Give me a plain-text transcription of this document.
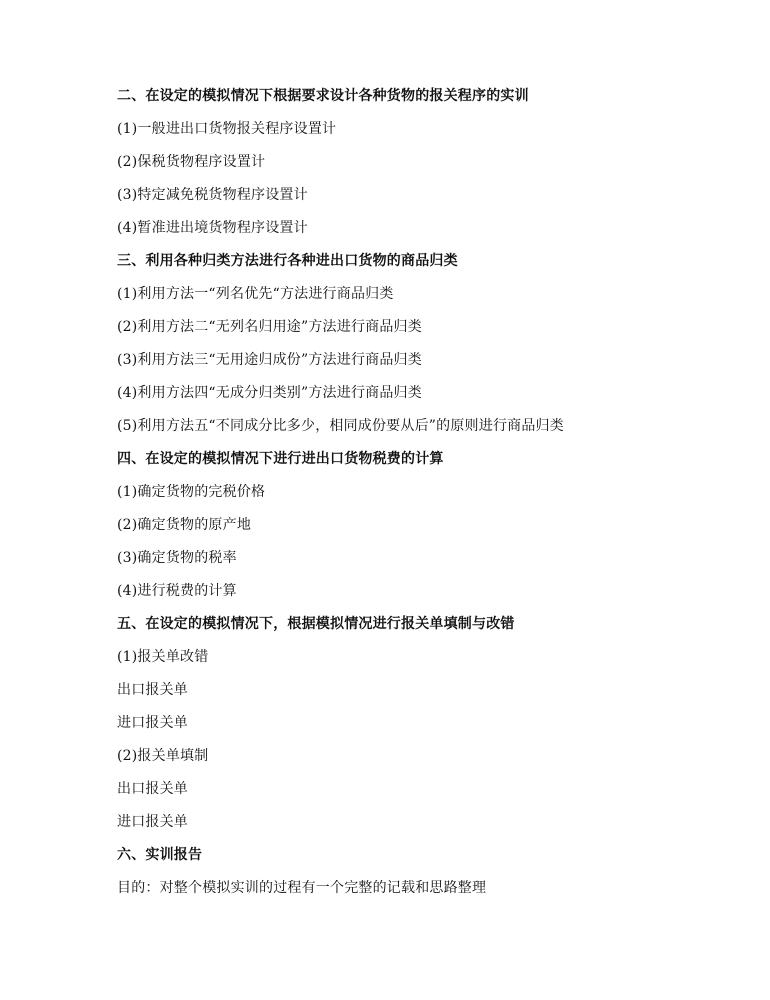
二、在设定的模拟情况下根据要求设计各种货物的报关程序的实训
(1)一般进出口货物报关程序设置计
(2)保税货物程序设置计
(3)特定减免税货物程序设置计
(4)暂准进出境货物程序设置计
三、利用各种归类方法进行各种进出口货物的商品归类
(1)利用方法一“列名优先“方法进行商品归类
(2)利用方法二“无列名归用途”方法进行商品归类
(3)利用方法三“无用途归成份”方法进行商品归类
(4)利用方法四“无成分归类别”方法进行商品归类
(5)利用方法五“不同成分比多少，相同成份要从后”的原则进行商品归类
四、在设定的模拟情况下进行进出口货物税费的计算
(1)确定货物的完税价格
(2)确定货物的原产地
(3)确定货物的税率
(4)进行税费的计算
五、在设定的模拟情况下，根据模拟情况进行报关单填制与改错
(1)报关单改错
出口报关单
进口报关单
(2)报关单填制
出口报关单
进口报关单
六、实训报告
目的：对整个模拟实训的过程有一个完整的记载和思路整理
